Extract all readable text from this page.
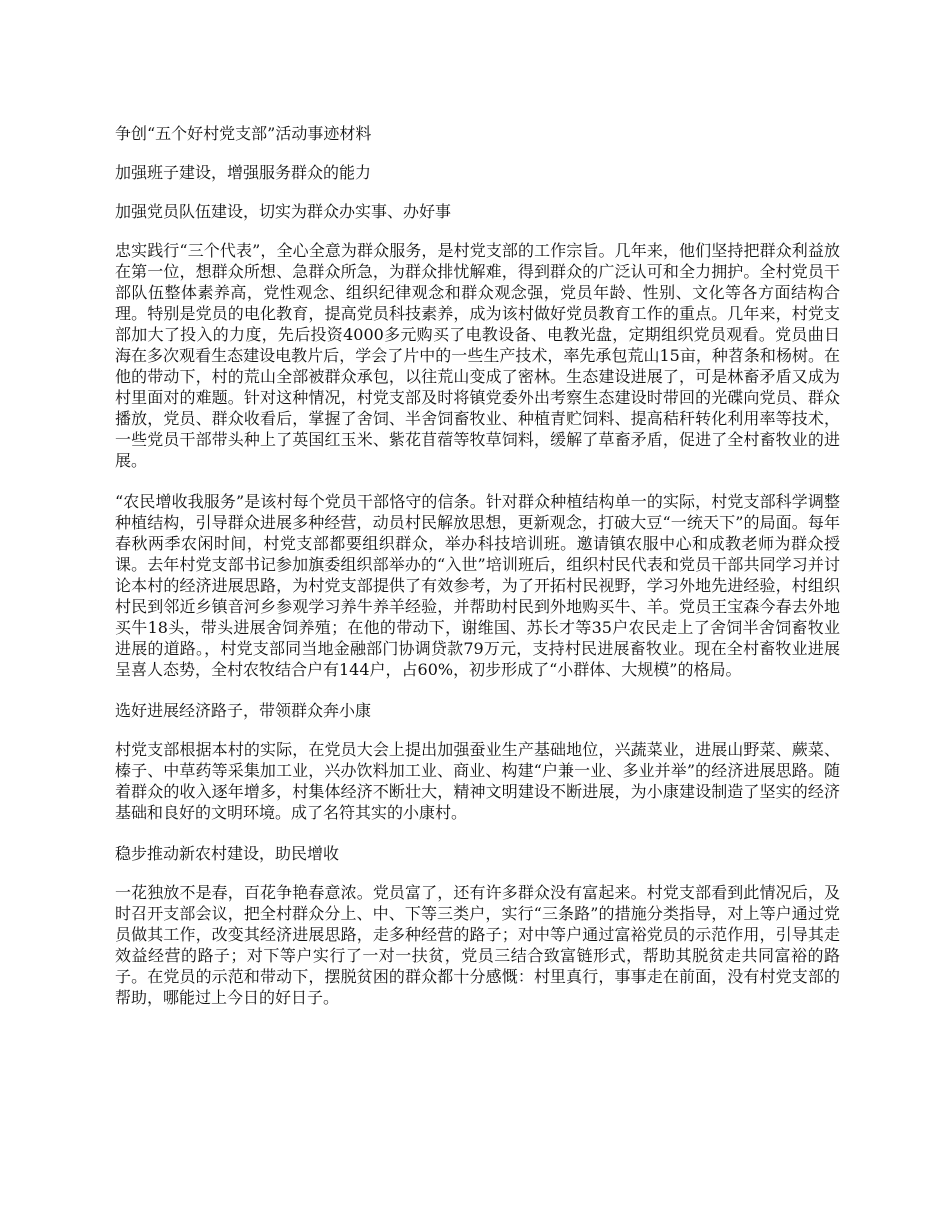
争创“五个好村党支部”活动事迹材料

加强班子建设，增强服务群众的能力

加强党员队伍建设，切实为群众办实事、办好事

忠实践行“三个代表”，全心全意为群众服务，是村党支部的工作宗旨。几年来，他们坚持把群众利益放在第一位，想群众所想、急群众所急，为群众排忧解难，得到群众的广泛认可和全力拥护。全村党员干部队伍整体素养高，党性观念、组织纪律观念和群众观念强，党员年龄、性别、文化等各方面结构合理。特别是党员的电化教育，提高党员科技素养，成为该村做好党员教育工作的重点。几年来，村党支部加大了投入的力度，先后投资4000多元购买了电教设备、电教光盘，定期组织党员观看。党员曲日海在多次观看生态建设电教片后，学会了片中的一些生产技术，率先承包荒山15亩，种苕条和杨树。在他的带动下，村的荒山全部被群众承包，以往荒山变成了密林。生态建设进展了，可是林畜矛盾又成为村里面对的难题。针对这种情况，村党支部及时将镇党委外出考察生态建设时带回的光碟向党员、群众播放，党员、群众收看后，掌握了舍饲、半舍饲畜牧业、种植青贮饲料、提高秸秆转化利用率等技术，一些党员干部带头种上了英国红玉米、紫花苜蓿等牧草饲料，缓解了草畜矛盾，促进了全村畜牧业的进展。

“农民增收我服务”是该村每个党员干部恪守的信条。针对群众种植结构单一的实际，村党支部科学调整种植结构，引导群众进展多种经营，动员村民解放思想，更新观念，打破大豆“一统天下”的局面。每年春秋两季农闲时间，村党支部都要组织群众，举办科技培训班。邀请镇农服中心和成教老师为群众授课。去年村党支部书记参加旗委组织部举办的“入世”培训班后，组织村民代表和党员干部共同学习并讨论本村的经济进展思路，为村党支部提供了有效参考，为了开拓村民视野，学习外地先进经验，村组织村民到邻近乡镇音河乡参观学习养牛养羊经验，并帮助村民到外地购买牛、羊。党员王宝森今春去外地买牛18头，带头进展舍饲养殖；在他的带动下，谢维国、苏长才等35户农民走上了舍饲半舍饲畜牧业进展的道路。，村党支部同当地金融部门协调贷款79万元，支持村民进展畜牧业。现在全村畜牧业进展呈喜人态势，全村农牧结合户有144户，占60%，初步形成了“小群体、大规模”的格局。

选好进展经济路子，带领群众奔小康

村党支部根据本村的实际，在党员大会上提出加强蚕业生产基础地位，兴蔬菜业，进展山野菜、蕨菜、榛子、中草药等采集加工业，兴办饮料加工业、商业、构建“户兼一业、多业并举”的经济进展思路。随着群众的收入逐年增多，村集体经济不断壮大，精神文明建设不断进展，为小康建设制造了坚实的经济基础和良好的文明环境。成了名符其实的小康村。

稳步推动新农村建设，助民增收

一花独放不是春，百花争艳春意浓。党员富了，还有许多群众没有富起来。村党支部看到此情况后，及时召开支部会议，把全村群众分上、中、下等三类户，实行“三条路”的措施分类指导，对上等户通过党员做其工作，改变其经济进展思路，走多种经营的路子；对中等户通过富裕党员的示范作用，引导其走效益经营的路子；对下等户实行了一对一扶贫，党员三结合致富链形式，帮助其脱贫走共同富裕的路子。在党员的示范和带动下，摆脱贫困的群众都十分感慨：村里真行，事事走在前面，没有村党支部的帮助，哪能过上今日的好日子。
